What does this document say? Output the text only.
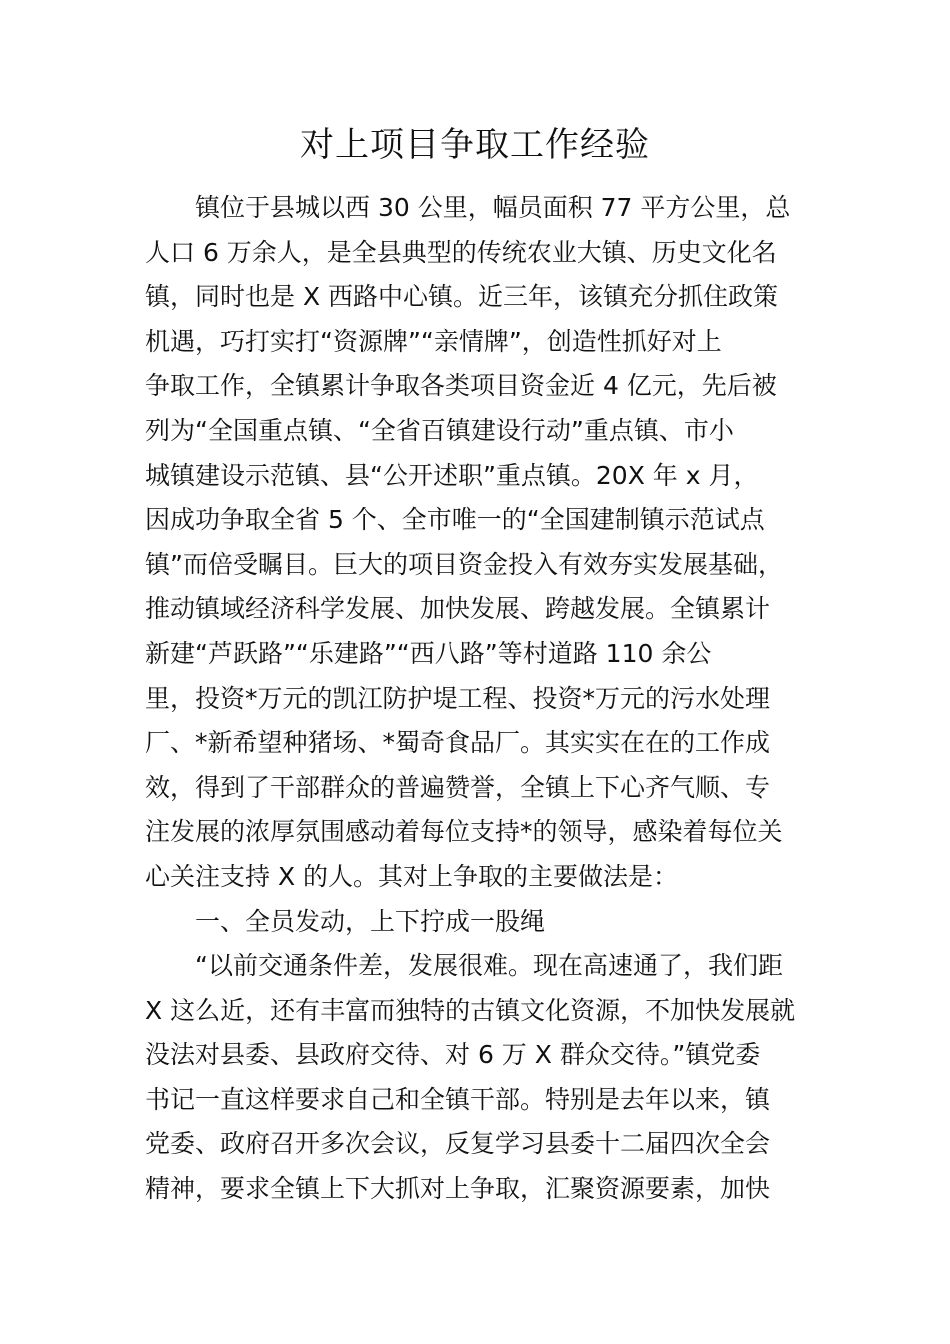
对上项目争取工作经验
镇位于县城以西 30 公里，幅员面积 77 平方公里，总
人口 6 万余人，是全县典型的传统农业大镇、历史文化名
镇，同时也是 X 西路中心镇。近三年，该镇充分抓住政策
机遇，巧打实打“资源牌”“亲情牌”，创造性抓好对上
争取工作，全镇累计争取各类项目资金近 4 亿元，先后被
列为“全国重点镇、“全省百镇建设行动”重点镇、市小
城镇建设示范镇、县“公开述职”重点镇。20X 年 x 月，
因成功争取全省 5 个、全市唯一的“全国建制镇示范试点
镇”而倍受瞩目。巨大的项目资金投入有效夯实发展基础，
推动镇域经济科学发展、加快发展、跨越发展。全镇累计
新建“芦跃路”“乐建路”“西八路”等村道路 110 余公
里，投资*万元的凯江防护堤工程、投资*万元的污水处理
厂、*新希望种猪场、*蜀奇食品厂。其实实在在的工作成
效，得到了干部群众的普遍赞誉，全镇上下心齐气顺、专
注发展的浓厚氛围感动着每位支持*的领导，感染着每位关
心关注支持 X 的人。其对上争取的主要做法是：
一、全员发动，上下拧成一股绳
“以前交通条件差，发展很难。现在高速通了，我们距
X 这么近，还有丰富而独特的古镇文化资源，不加快发展就
没法对县委、县政府交待、对 6 万 X 群众交待。”镇党委
书记一直这样要求自己和全镇干部。特别是去年以来，镇
党委、政府召开多次会议，反复学习县委十二届四次全会
精神，要求全镇上下大抓对上争取，汇聚资源要素，加快
